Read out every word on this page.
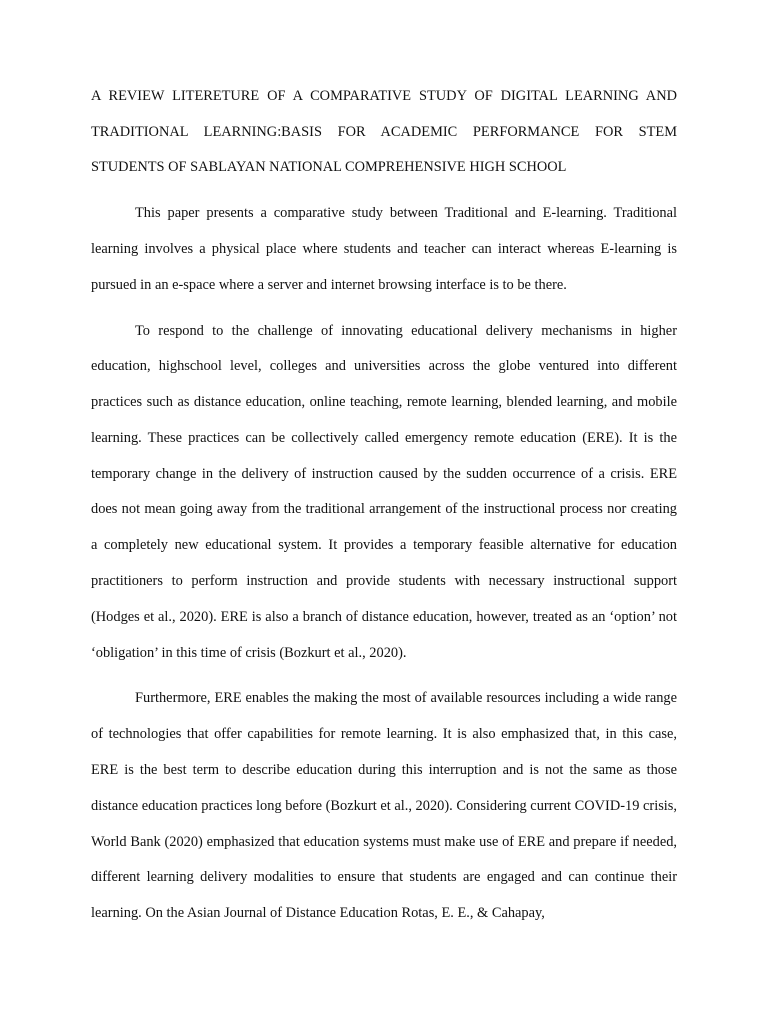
A REVIEW LITERETURE OF A COMPARATIVE STUDY OF DIGITAL LEARNING AND TRADITIONAL LEARNING:BASIS FOR ACADEMIC PERFORMANCE FOR STEM STUDENTS OF SABLAYAN NATIONAL COMPREHENSIVE HIGH SCHOOL

This paper presents a comparative study between Traditional and E-learning. Traditional learning involves a physical place where students and teacher can interact whereas E-learning is pursued in an e-space where a server and internet browsing interface is to be there.

To respond to the challenge of innovating educational delivery mechanisms in higher education, highschool level, colleges and universities across the globe ventured into different practices such as distance education, online teaching, remote learning, blended learning, and mobile learning. These practices can be collectively called emergency remote education (ERE). It is the temporary change in the delivery of instruction caused by the sudden occurrence of a crisis. ERE does not mean going away from the traditional arrangement of the instructional process nor creating a completely new educational system. It provides a temporary feasible alternative for education practitioners to perform instruction and provide students with necessary instructional support (Hodges et al., 2020). ERE is also a branch of distance education, however, treated as an ‘option’ not ‘obligation’ in this time of crisis (Bozkurt et al., 2020).

Furthermore, ERE enables the making the most of available resources including a wide range of technologies that offer capabilities for remote learning. It is also emphasized that, in this case, ERE is the best term to describe education during this interruption and is not the same as those distance education practices long before (Bozkurt et al., 2020). Considering current COVID-19 crisis, World Bank (2020) emphasized that education systems must make use of ERE and prepare if needed, different learning delivery modalities to ensure that students are engaged and can continue their learning. On the Asian Journal of Distance Education Rotas, E. E., & Cahapay,
